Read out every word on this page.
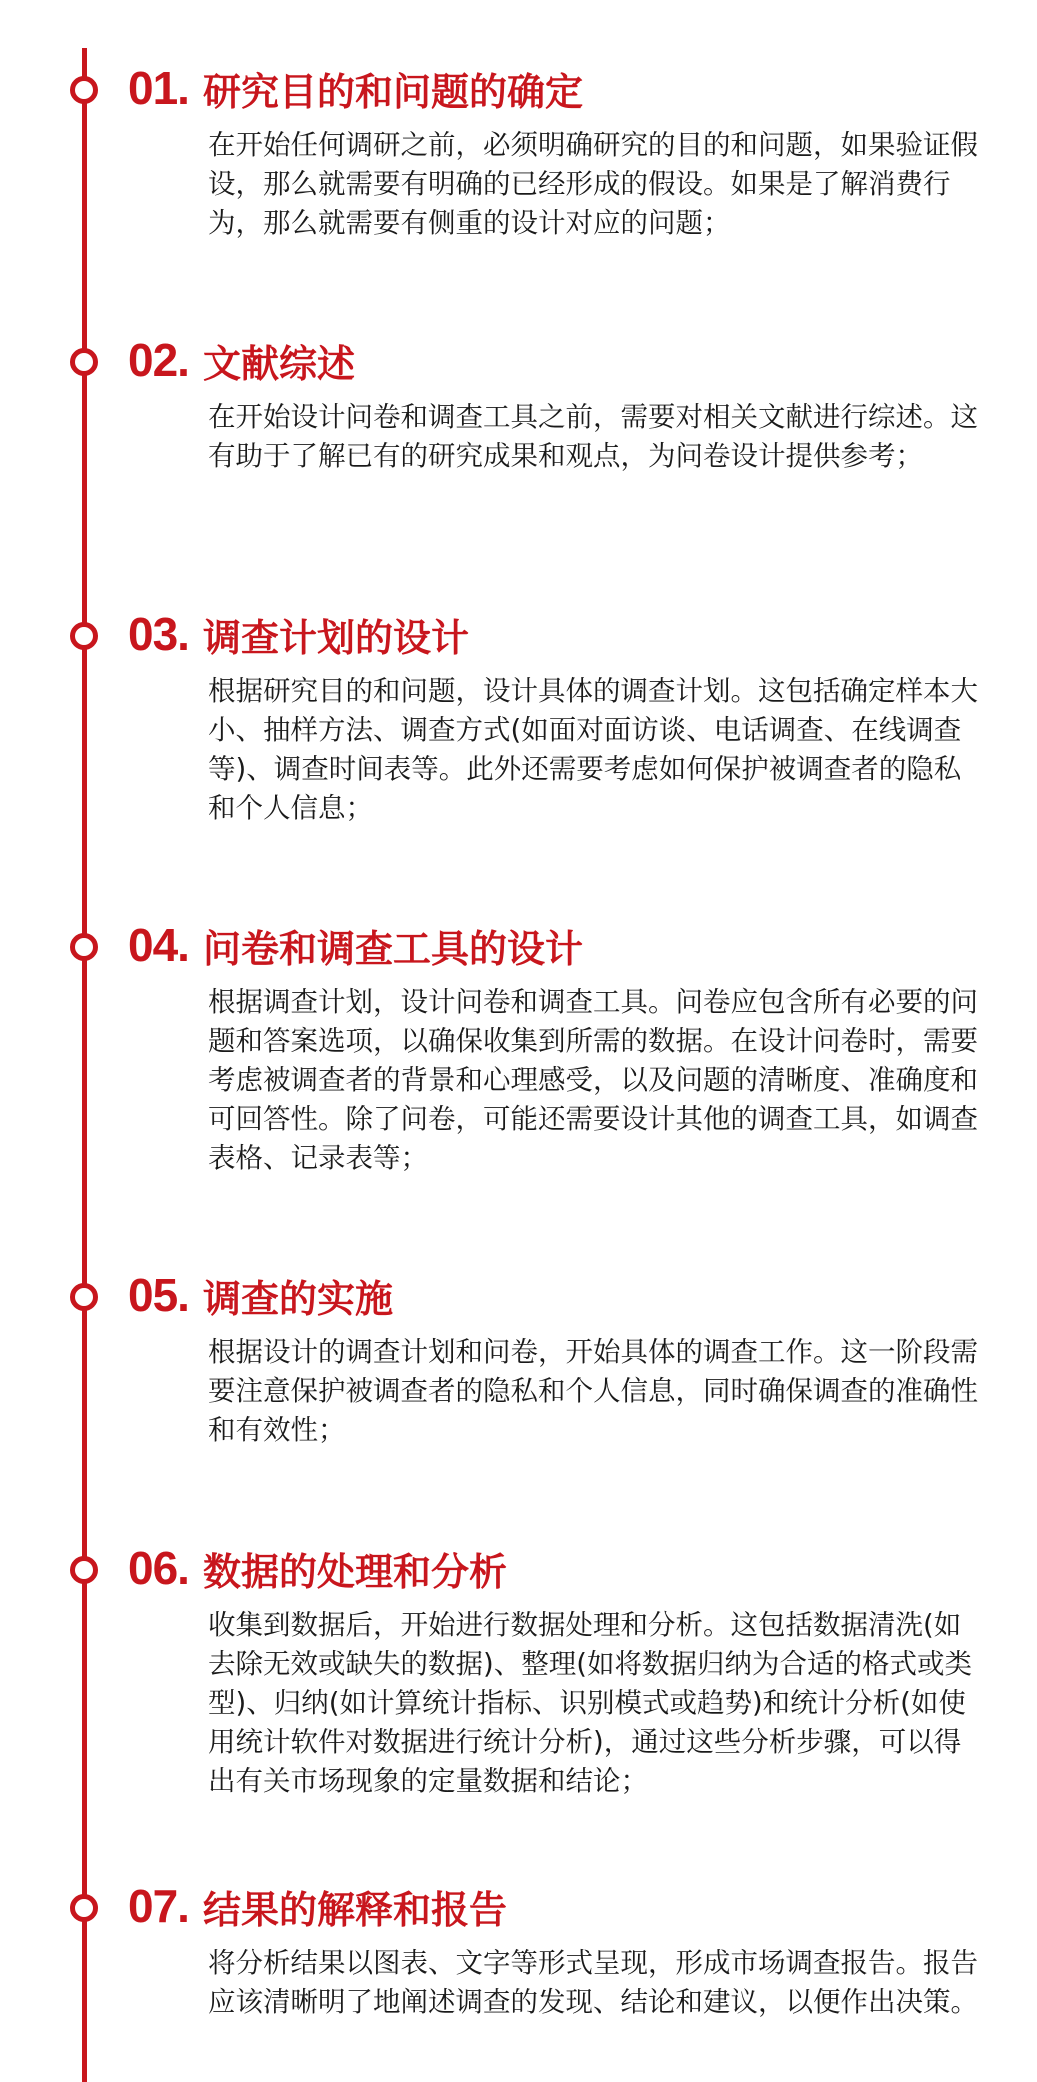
01. 研究目的和问题的确定

在开始任何调研之前，必须明确研究的目的和问题，如果验证假设，那么就需要有明确的已经形成的假设。如果是了解消费行为，那么就需要有侧重的设计对应的问题；

02. 文献综述

在开始设计问卷和调查工具之前，需要对相关文献进行综述。这有助于了解已有的研究成果和观点，为问卷设计提供参考；

03. 调查计划的设计

根据研究目的和问题，设计具体的调查计划。这包括确定样本大小、抽样方法、调查方式(如面对面访谈、电话调查、在线调查等)、调查时间表等。此外还需要考虑如何保护被调查者的隐私和个人信息；

04. 问卷和调查工具的设计

根据调查计划，设计问卷和调查工具。问卷应包含所有必要的问题和答案选项，以确保收集到所需的数据。在设计问卷时，需要考虑被调查者的背景和心理感受，以及问题的清晰度、准确度和可回答性。除了问卷，可能还需要设计其他的调查工具，如调查表格、记录表等；

05. 调查的实施

根据设计的调查计划和问卷，开始具体的调查工作。这一阶段需要注意保护被调查者的隐私和个人信息，同时确保调查的准确性和有效性；

06. 数据的处理和分析

收集到数据后，开始进行数据处理和分析。这包括数据清洗(如去除无效或缺失的数据)、整理(如将数据归纳为合适的格式或类型)、归纳(如计算统计指标、识别模式或趋势)和统计分析(如使用统计软件对数据进行统计分析)，通过这些分析步骤，可以得出有关市场现象的定量数据和结论；

07. 结果的解释和报告

将分析结果以图表、文字等形式呈现，形成市场调查报告。报告应该清晰明了地阐述调查的发现、结论和建议，以便作出决策。
